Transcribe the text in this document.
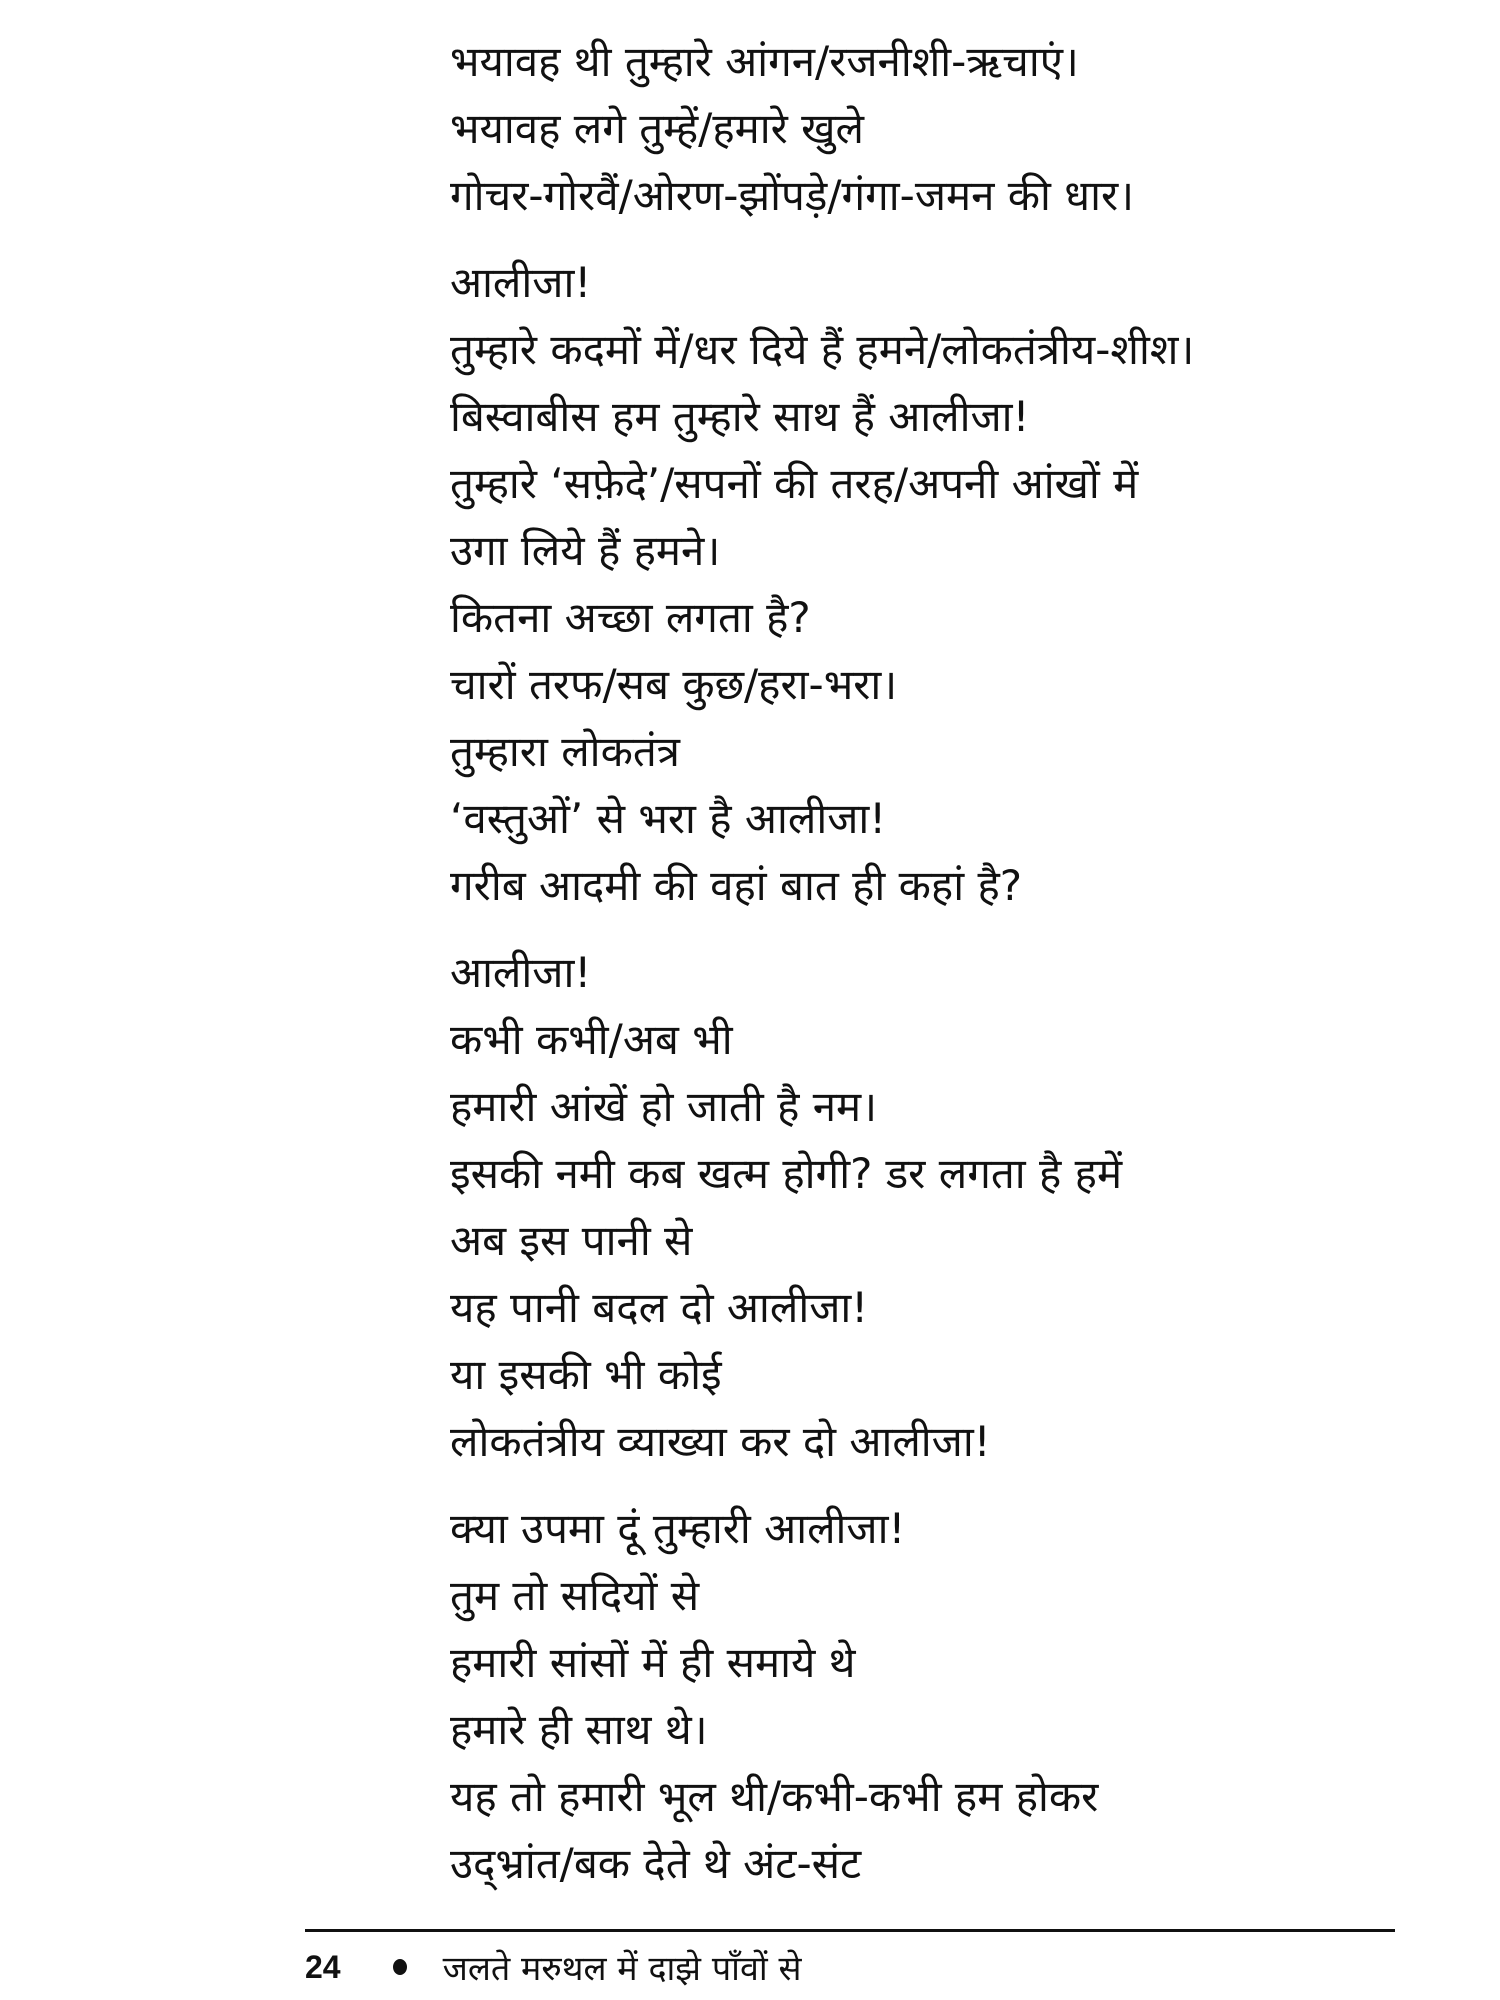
भयावह थी तुम्हारे आंगन/रजनीशी-ऋचाएं।

भयावह लगे तुम्हें/हमारे खुले

गोचर-गोरवैं/ओरण-झोंपड़े/गंगा-जमन की धार।

आलीजा!

तुम्हारे कदमों में/धर दिये हैं हमने/लोकतंत्रीय-शीश।

बिस्वाबीस हम तुम्हारे साथ हैं आलीजा!

तुम्हारे ‘सफ़ेदे’/सपनों की तरह/अपनी आंखों में

उगा लिये हैं हमने।

कितना अच्छा लगता है?

चारों तरफ/सब कुछ/हरा-भरा।

तुम्हारा लोकतंत्र

‘वस्तुओं’ से भरा है आलीजा!

गरीब आदमी की वहां बात ही कहां है?

आलीजा!

कभी कभी/अब भी

हमारी आंखें हो जाती है नम।

इसकी नमी कब खत्म होगी? डर लगता है हमें

अब इस पानी से

यह पानी बदल दो आलीजा!

या इसकी भी कोई

लोकतंत्रीय व्याख्या कर दो आलीजा!

क्या उपमा दूं तुम्हारी आलीजा!

तुम तो सदियों से

हमारी सांसों में ही समाये थे

हमारे ही साथ थे।

यह तो हमारी भूल थी/कभी-कभी हम होकर

उद्भ्रांत/बक देते थे अंट-संट

24	जलते मरुथल में दाझे पाँवों से
